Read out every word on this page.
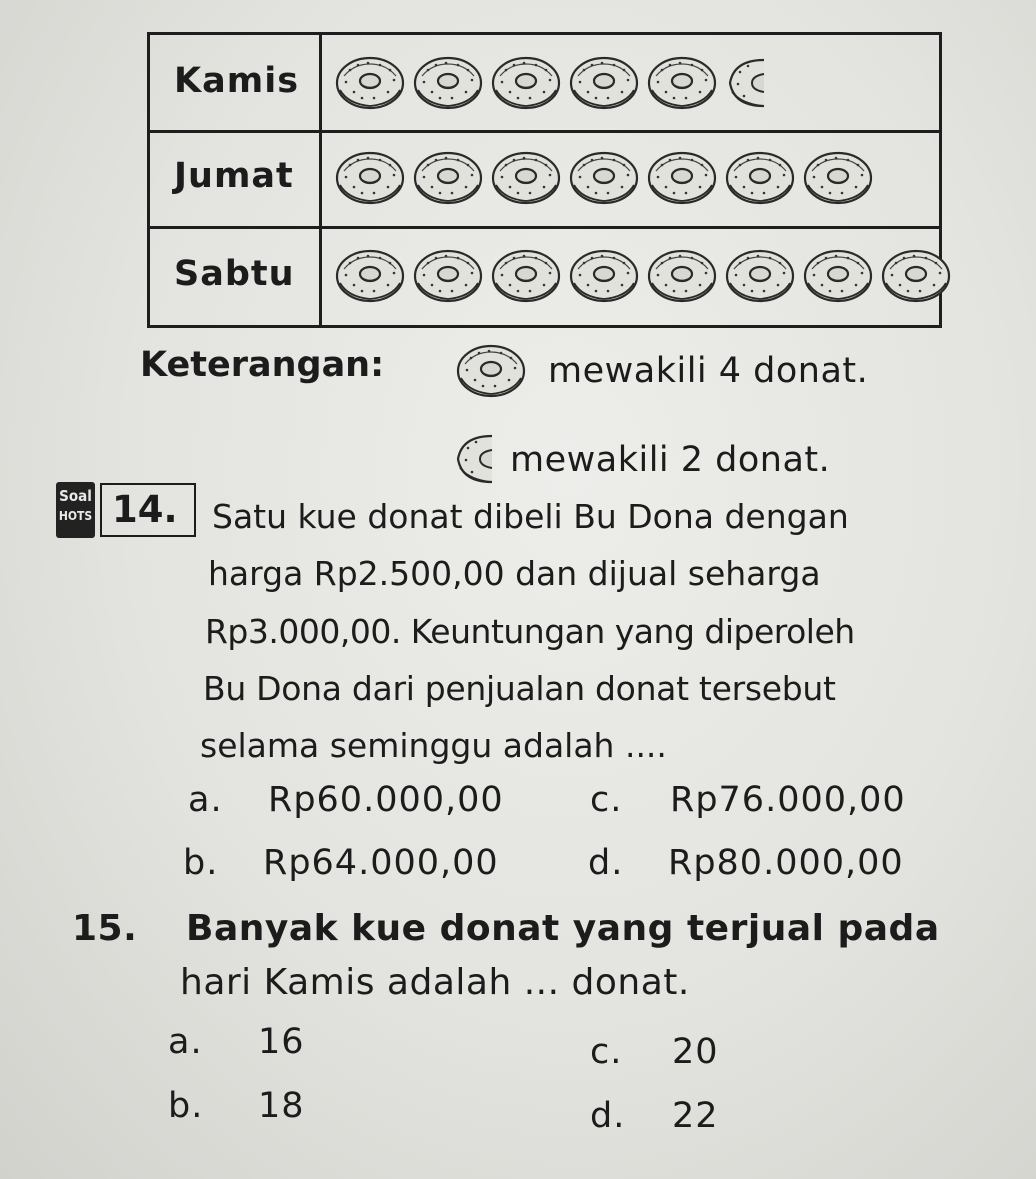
Kamis
Jumat
Sabtu
Keterangan:	mewakili 4 donat.
mewakili 2 donat.
Soal
HOTS 14.	Satu kue donat dibeli Bu Dona dengan
harga Rp2.500,00 dan dijual seharga
Rp3.000,00. Keuntungan yang diperoleh
Bu Dona dari penjualan donat tersebut
selama seminggu adalah ....
a. Rp60.000,00 c. Rp76.000,00
b. Rp64.000,00	d. Rp80.000,00
15. Banyak kue donat yang terjual pada
hari Kamis adalah ... donat.
a. 16	c. 20
b. 18	d. 22
